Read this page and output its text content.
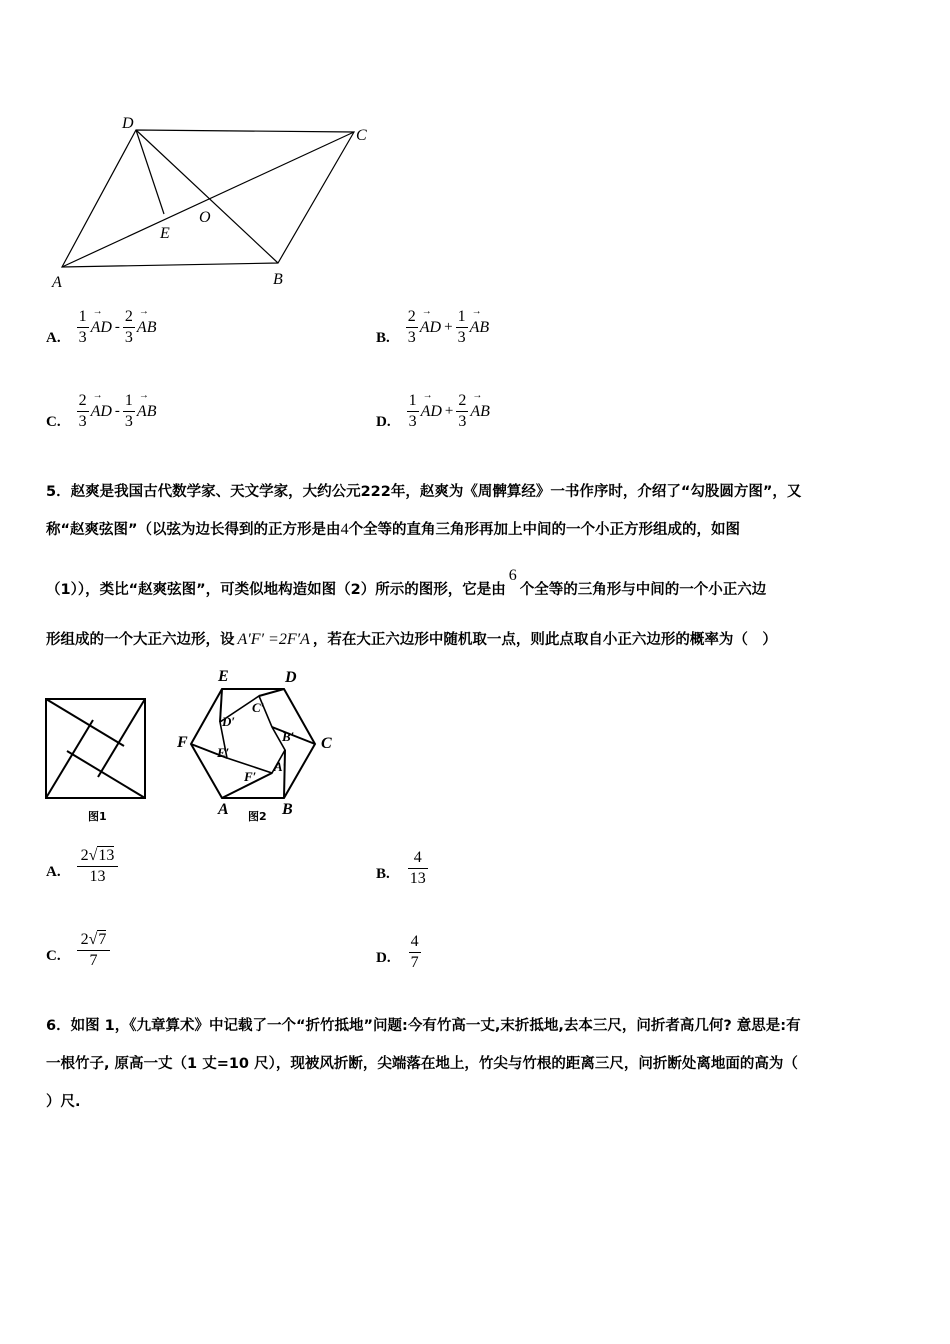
D
C
O
E
A	B
A. $\frac{1}{3}$ → AD - $\frac{2}{3}$ → AB
B. $\frac{2}{3}$ → AD + $\frac{1}{3}$ → AB
C. $\frac{2}{3}$ → AD - $\frac{1}{3}$ → AB
D. $\frac{1}{3}$ → AD + $\frac{2}{3}$ → AB
5．赵爽是我国古代数学家、天文学家，大约公元222年，赵爽为《周髀算经》一书作序时，介绍了“勾股圆方图”，又
称“赵爽弦图”（以弦为边长得到的正方形是由4个全等的直角三角形再加上中间的一个小正方形组成的，如图
（1）），类比“赵爽弦图”，可类似地构造如图（2）所示的图形，它是由6个全等的三角形与中间的一个小正六边
形组成的一个大正六边形，设 A′F′ =2F′A ，若在大正六边形中随机取一点，则此点取自小正六边形的概率为（　）
图1
E	D
F	C
A	B
D′
C′
B′
E′
A′
F′
图2
A. $\frac{2√13}{13}$	B. $\frac{4}{13}$
C. $\frac{2√7}{7}$	D. $\frac{4}{7}$
6．如图 1，《九章算术》中记载了一个“折竹抵地”问题:今有竹高一丈,末折抵地,去本三尺，问折者高几何? 意思是:有
一根竹子, 原高一丈（1 丈=10 尺），现被风折断，尖端落在地上，竹尖与竹根的距离三尺，问折断处离地面的高为（
）尺.
